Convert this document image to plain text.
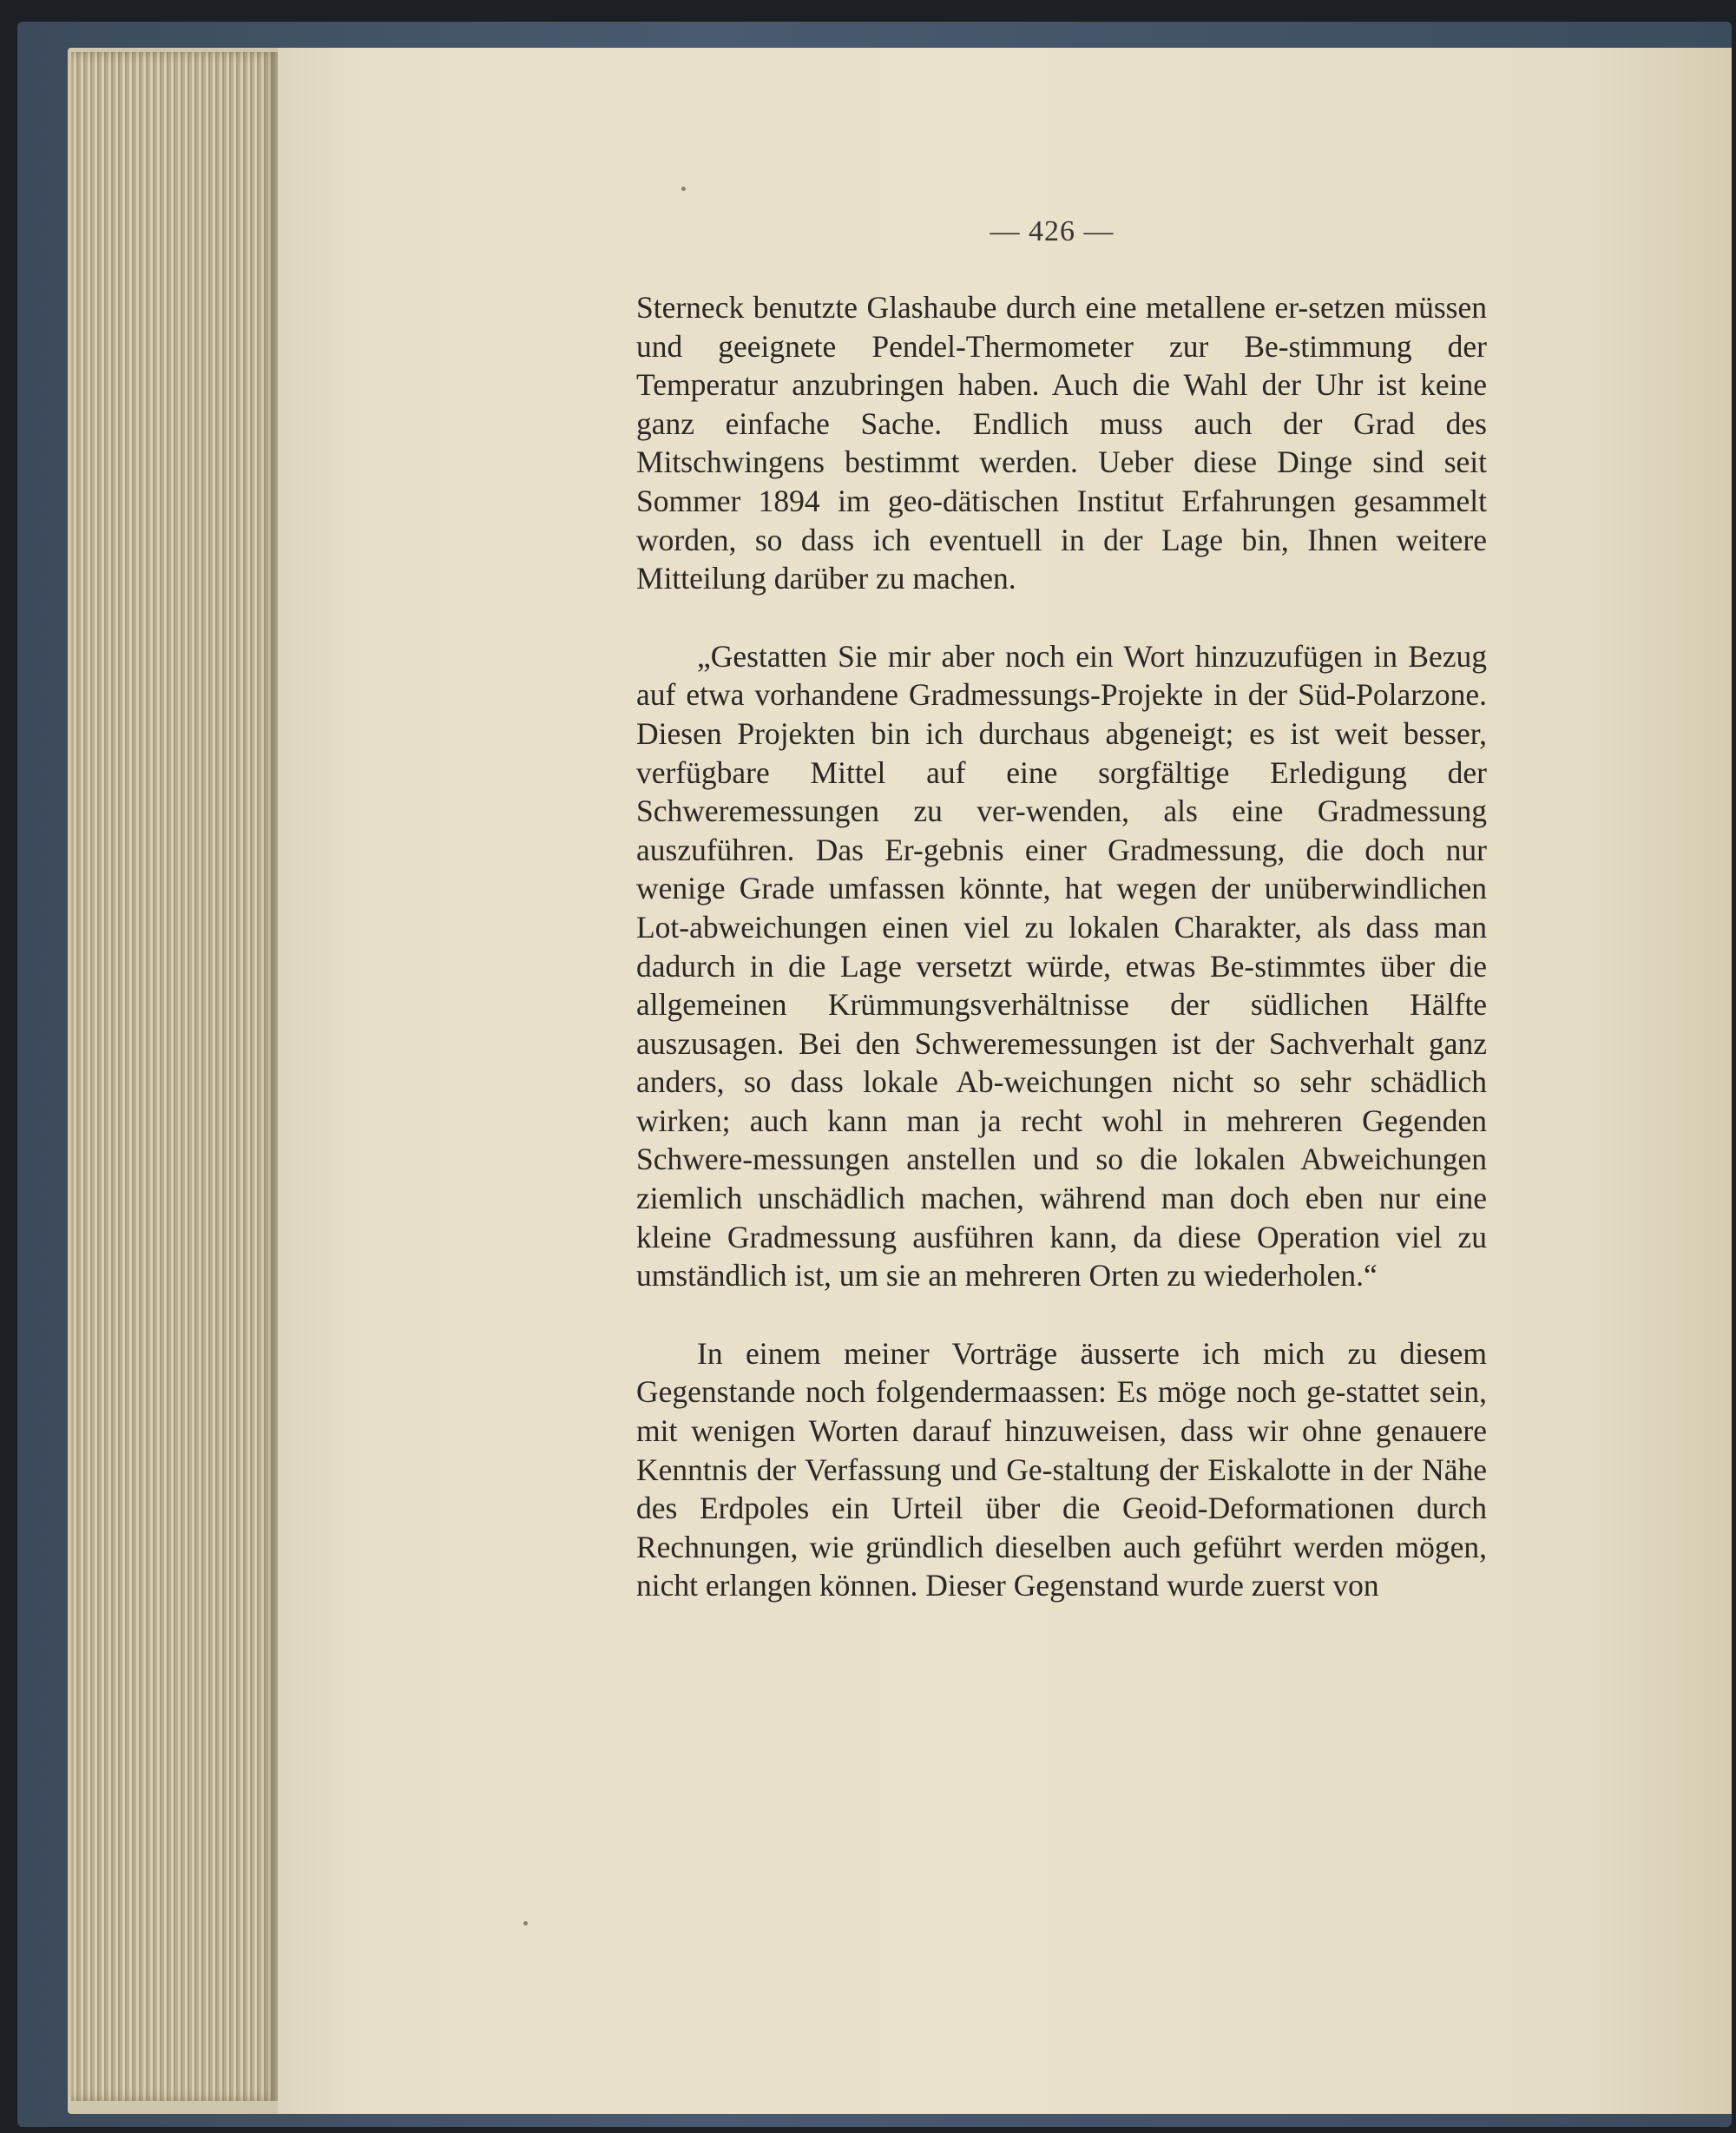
— 426 —

Sterneck benutzte Glashaube durch eine metallene er-setzen müssen und geeignete Pendel-Thermometer zur Be-stimmung der Temperatur anzubringen haben. Auch die Wahl der Uhr ist keine ganz einfache Sache. Endlich muss auch der Grad des Mitschwingens bestimmt werden. Ueber diese Dinge sind seit Sommer 1894 im geo-dätischen Institut Erfahrungen gesammelt worden, so dass ich eventuell in der Lage bin, Ihnen weitere Mitteilung darüber zu machen.

„Gestatten Sie mir aber noch ein Wort hinzuzufügen in Bezug auf etwa vorhandene Gradmessungs-Projekte in der Süd-Polarzone. Diesen Projekten bin ich durchaus abgeneigt; es ist weit besser, verfügbare Mittel auf eine sorgfältige Erledigung der Schweremessungen zu ver-wenden, als eine Gradmessung auszuführen. Das Er-gebnis einer Gradmessung, die doch nur wenige Grade umfassen könnte, hat wegen der unüberwindlichen Lot-abweichungen einen viel zu lokalen Charakter, als dass man dadurch in die Lage versetzt würde, etwas Be-stimmtes über die allgemeinen Krümmungsverhältnisse der südlichen Hälfte auszusagen. Bei den Schweremessungen ist der Sachverhalt ganz anders, so dass lokale Ab-weichungen nicht so sehr schädlich wirken; auch kann man ja recht wohl in mehreren Gegenden Schwere-messungen anstellen und so die lokalen Abweichungen ziemlich unschädlich machen, während man doch eben nur eine kleine Gradmessung ausführen kann, da diese Operation viel zu umständlich ist, um sie an mehreren Orten zu wiederholen.“

In einem meiner Vorträge äusserte ich mich zu diesem Gegenstande noch folgendermaassen: Es möge noch ge-stattet sein, mit wenigen Worten darauf hinzuweisen, dass wir ohne genauere Kenntnis der Verfassung und Ge-staltung der Eiskalotte in der Nähe des Erdpoles ein Urteil über die Geoid-Deformationen durch Rechnungen, wie gründlich dieselben auch geführt werden mögen, nicht erlangen können. Dieser Gegenstand wurde zuerst von
